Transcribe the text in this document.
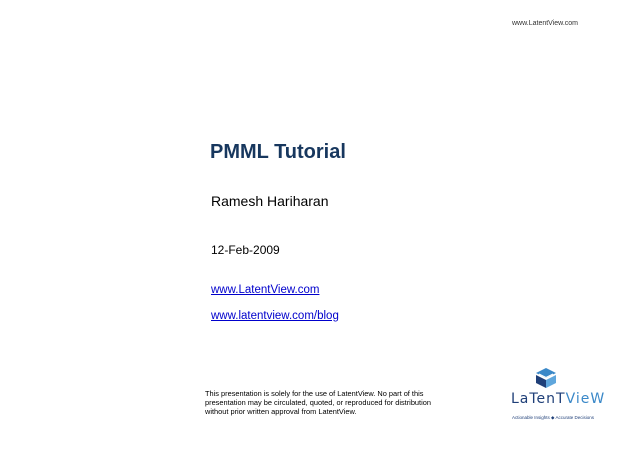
www.LatentView.com
PMML Tutorial
Ramesh Hariharan
12-Feb-2009
www.LatentView.com
www.latentview.com/blog
This presentation is solely for the use of LatentView. No part of this presentation may be circulated, quoted, or reproduced for distribution without prior written approval from LatentView.
LaTenTVieW
Actionable Insights ◆ Accurate Decisions
